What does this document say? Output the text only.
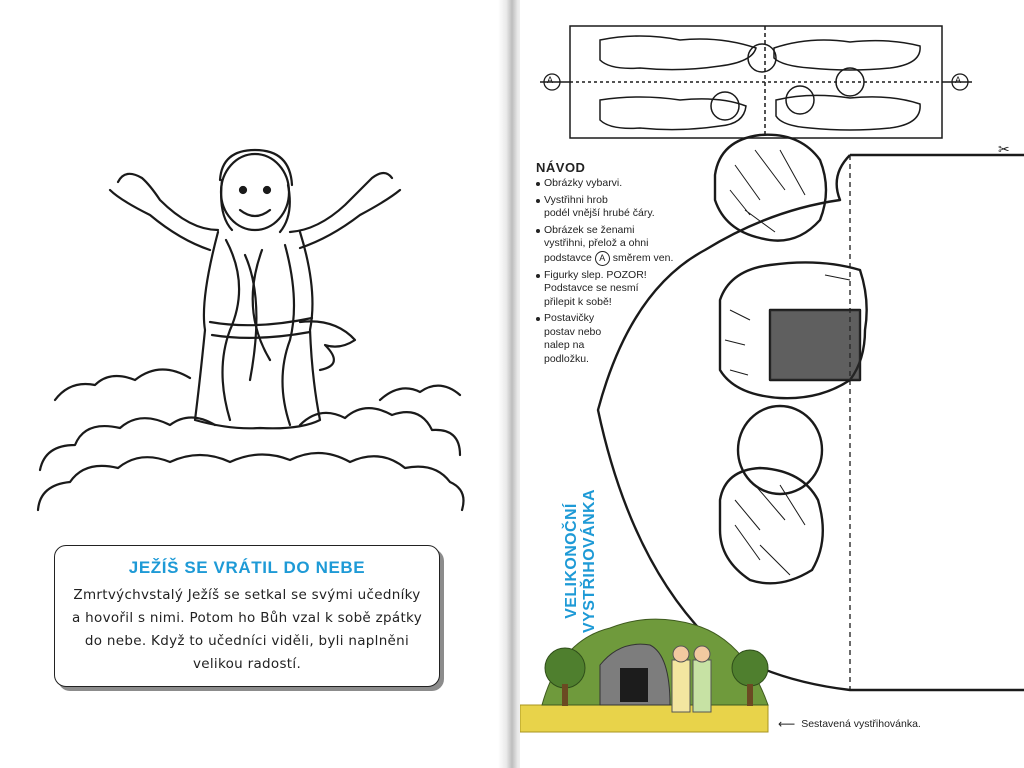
JEŽÍŠ SE VRÁTIL DO NEBE
Zmrtvýchvstalý Ježíš se setkal se svými učedníky
a hovořil s nimi. Potom ho Bůh vzal k sobě zpátky
do nebe. Když to učedníci viděli, byli naplněni
velikou radostí.
✂
NÁVOD
Obrázky vybarvi.
Vystřihni hrob
podél vnější hrubé čáry.
Obrázek se ženami
vystřihni, přelož a ohni
podstavce A směrem ven.
Figurky slep. POZOR!
Podstavce se nesmí
přilepit k sobě!
Postavičky
postav nebo
nalep na
podložku.
VELIKONOČNÍ VYSTŘIHOVÁNKA
A	A
⟵ Sestavená vystřihovánka.
